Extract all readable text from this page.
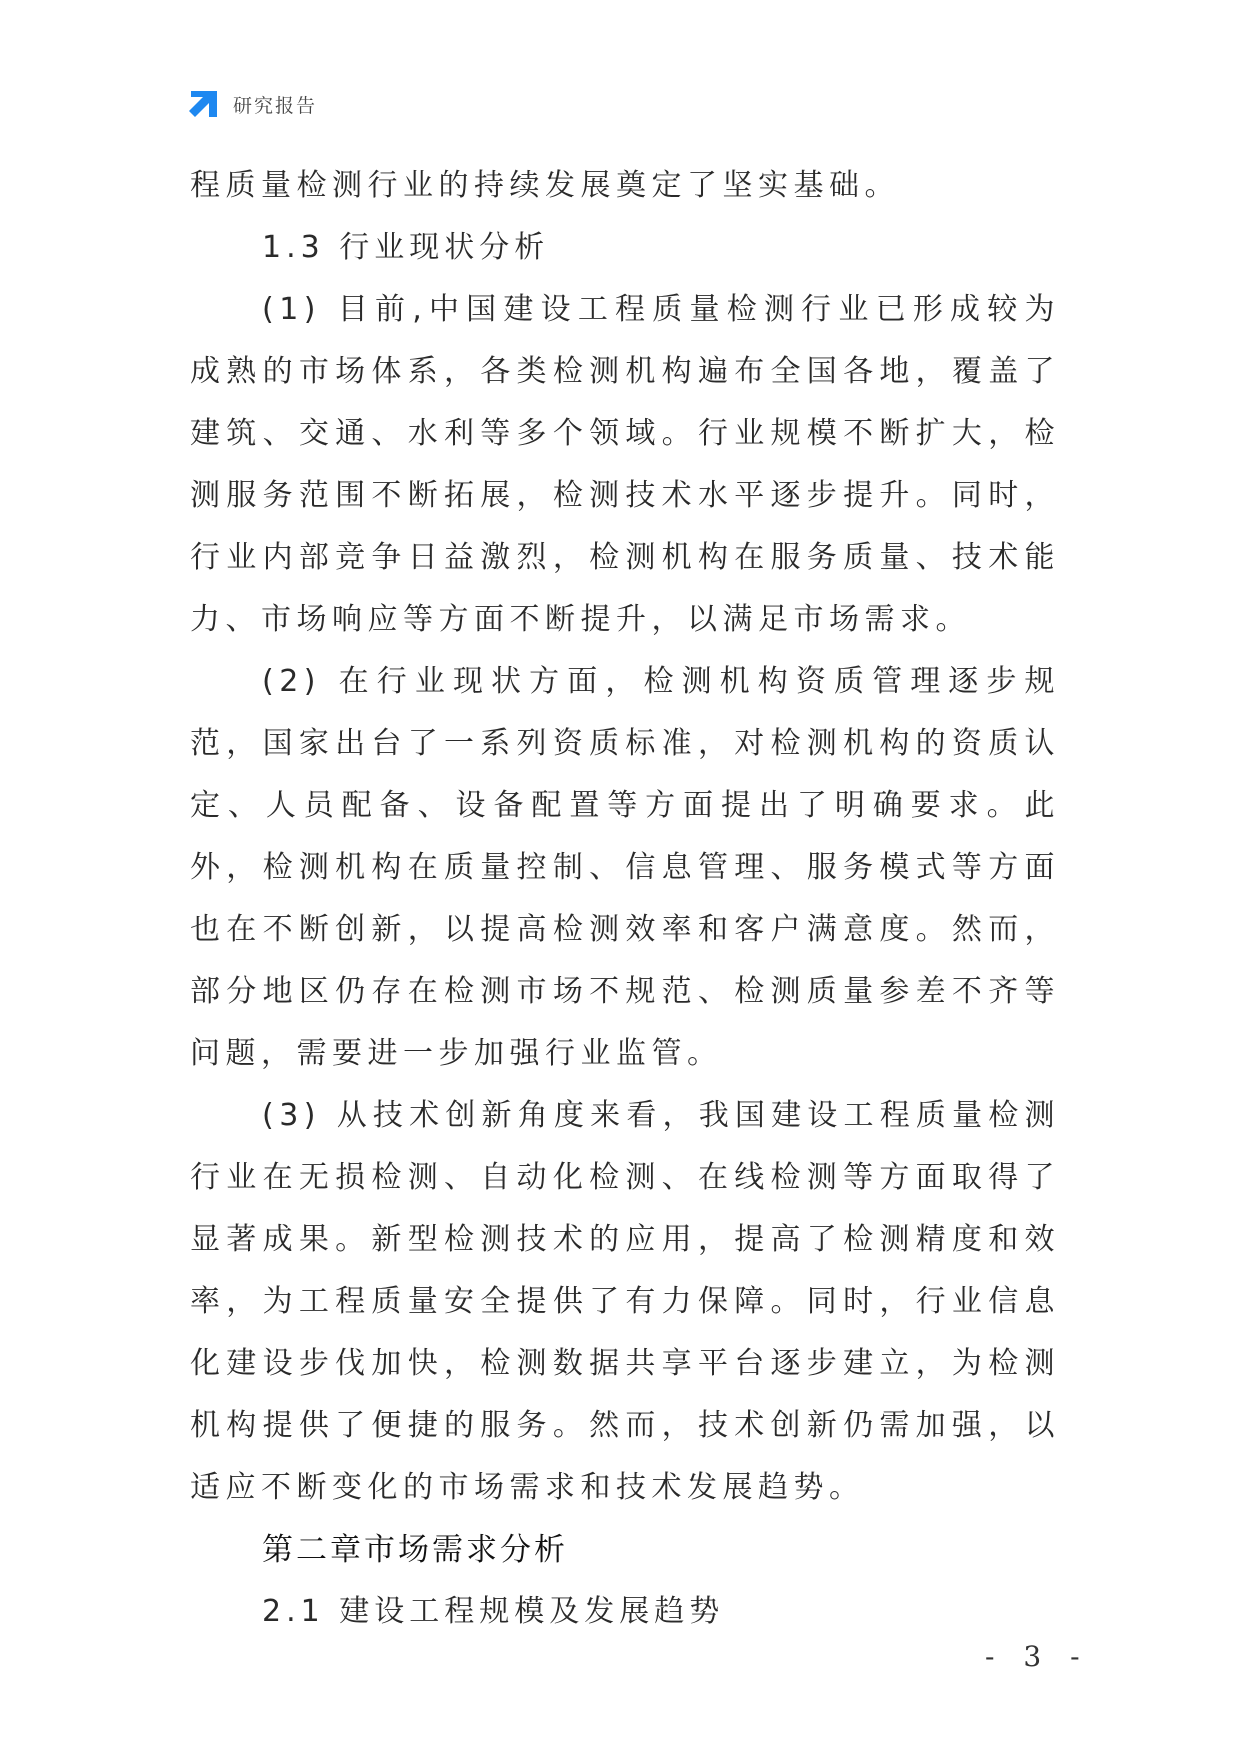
研究报告

程质量检测行业的持续发展奠定了坚实基础。

1.3 行业现状分析

(1) 目前,中国建设工程质量检测行业已形成较为成熟的市场体系，各类检测机构遍布全国各地，覆盖了建筑、交通、水利等多个领域。行业规模不断扩大，检测服务范围不断拓展，检测技术水平逐步提升。同时，行业内部竞争日益激烈，检测机构在服务质量、技术能力、市场响应等方面不断提升，以满足市场需求。

(2) 在行业现状方面，检测机构资质管理逐步规范，国家出台了一系列资质标准，对检测机构的资质认定、人员配备、设备配置等方面提出了明确要求。此外，检测机构在质量控制、信息管理、服务模式等方面也在不断创新，以提高检测效率和客户满意度。然而，部分地区仍存在检测市场不规范、检测质量参差不齐等问题，需要进一步加强行业监管。

(3) 从技术创新角度来看，我国建设工程质量检测行业在无损检测、自动化检测、在线检测等方面取得了显著成果。新型检测技术的应用，提高了检测精度和效率，为工程质量安全提供了有力保障。同时，行业信息化建设步伐加快，检测数据共享平台逐步建立，为检测机构提供了便捷的服务。然而，技术创新仍需加强，以适应不断变化的市场需求和技术发展趋势。

第二章市场需求分析

2.1 建设工程规模及发展趋势

- 3 -
